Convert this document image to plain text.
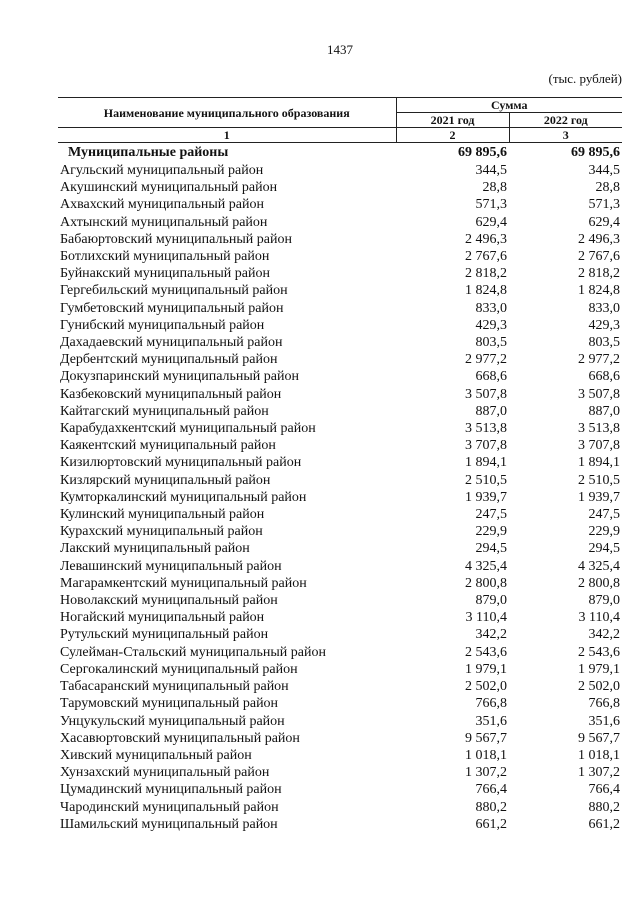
1437
(тыс. рублей)
Наименование муниципального образования	Сумма	
	2021 год	2022 год
1	2	3
Муниципальные районы	69 895,6	69 895,6
Агульский муниципальный район	344,5	344,5
Акушинский муниципальный район	28,8	28,8
Ахвахский муниципальный район	571,3	571,3
Ахтынский муниципальный район	629,4	629,4
Бабаюртовский муниципальный район	2 496,3	2 496,3
Ботлихский муниципальный район	2 767,6	2 767,6
Буйнакский муниципальный район	2 818,2	2 818,2
Гергебильский муниципальный район	1 824,8	1 824,8
Гумбетовский муниципальный район	833,0	833,0
Гунибский муниципальный район	429,3	429,3
Дахадаевский муниципальный район	803,5	803,5
Дербентский муниципальный район	2 977,2	2 977,2
Докузпаринский муниципальный район	668,6	668,6
Казбековский муниципальный район	3 507,8	3 507,8
Кайтагский муниципальный район	887,0	887,0
Карабудахкентский муниципальный район	3 513,8	3 513,8
Каякентский муниципальный район	3 707,8	3 707,8
Кизилюртовский муниципальный район	1 894,1	1 894,1
Кизлярский муниципальный район	2 510,5	2 510,5
Кумторкалинский муниципальный район	1 939,7	1 939,7
Кулинский муниципальный район	247,5	247,5
Курахский муниципальный район	229,9	229,9
Лакский муниципальный район	294,5	294,5
Левашинский муниципальный район	4 325,4	4 325,4
Магарамкентский муниципальный район	2 800,8	2 800,8
Новолакский муниципальный район	879,0	879,0
Ногайский муниципальный район	3 110,4	3 110,4
Рутульский муниципальный район	342,2	342,2
Сулейман-Стальский муниципальный район	2 543,6	2 543,6
Сергокалинский муниципальный район	1 979,1	1 979,1
Табасаранский муниципальный район	2 502,0	2 502,0
Тарумовский муниципальный район	766,8	766,8
Унцукульский муниципальный район	351,6	351,6
Хасавюртовский муниципальный район	9 567,7	9 567,7
Хивский муниципальный район	1 018,1	1 018,1
Хунзахский муниципальный район	1 307,2	1 307,2
Цумадинский муниципальный район	766,4	766,4
Чародинский муниципальный район	880,2	880,2
Шамильский муниципальный район	661,2	661,2
